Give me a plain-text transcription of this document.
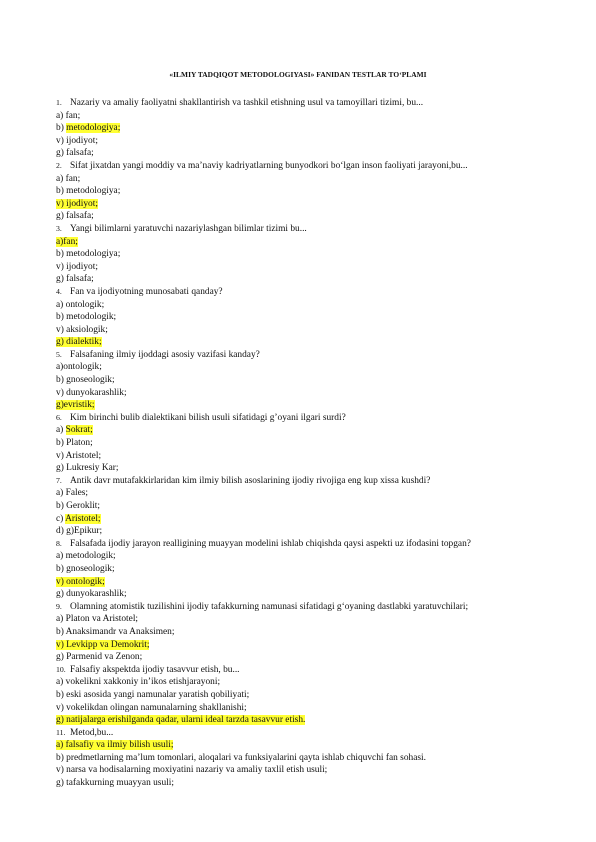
«ILMIY TADQIQOT METODOLOGIYASI» FANIDAN TESTLAR TO‘PLAMI
1. Nazariy va amaliy faoliyatni shakllantirish va tashkil etishning usul va tamoyillari tizimi, bu...
a) fan;
b) metodologiya;
v) ijodiyot;
g) falsafa;
2. Sifat jixatdan yangi moddiy va ma’naviy kadriyatlarning bunyodkori bo‘lgan inson faoliyati jarayoni,bu...
a) fan;
b) metodologiya;
v) ijodiyot;
g) falsafa;
3. Yangi bilimlarni yaratuvchi nazariylashgan bilimlar tizimi bu...
a)fan;
b) metodologiya;
v) ijodiyot;
g) falsafa;
4. Fan va ijodiyotning munosabati qanday?
a) ontologik;
b) metodologik;
v) aksiologik;
g) dialektik;
5. Falsafaning ilmiy ijoddagi asosiy vazifasi kanday?
a)ontologik;
b) gnoseologik;
v) dunyokarashlik;
g)evristik;
6. Kim birinchi bulib dialektikani bilish usuli sifatidagi g’oyani ilgari surdi?
a) Sokrat;
b) Platon;
v) Aristotel;
g) Lukresiy Kar;
7. Antik davr mutafakkirlaridan kim ilmiy bilish asoslarining ijodiy rivojiga eng kup xissa kushdi?
a) Fales;
b) Geroklit;
c) Aristotel;
d) g)Epikur;
8. Falsafada ijodiy jarayon realligining muayyan modelini ishlab chiqishda qaysi aspekti uz ifodasini topgan?
a) metodologik;
b) gnoseologik;
v) ontologik;
g) dunyokarashlik;
9. Olamning atomistik tuzilishini ijodiy tafakkurning namunasi sifatidagi g‘oyaning dastlabki yaratuvchilari;
a) Platon va Aristotel;
b) Anaksimandr va Anaksimen;
v) Levkipp va Demokrit;
g) Parmenid va Zenon;
10. Falsafiy akspektda ijodiy tasavvur etish, bu...
a) vokelikni xakkoniy in’ikos etishjarayoni;
b) eski asosida yangi namunalar yaratish qobiliyati;
v) vokelikdan olingan namunalarning shakllanishi;
g) natijalarga erishilganda qadar, ularni ideal tarzda tasavvur etish.
11. Metod,bu...
a) falsafiy va ilmiy bilish usuli;
b) predmetlarning ma’lum tomonlari, aloqalari va funksiyalarini qayta ishlab chiquvchi fan sohasi.
v) narsa va hodisalarning moxiyatini nazariy va amaliy taxlil etish usuli;
g) tafakkurning muayyan usuli;
